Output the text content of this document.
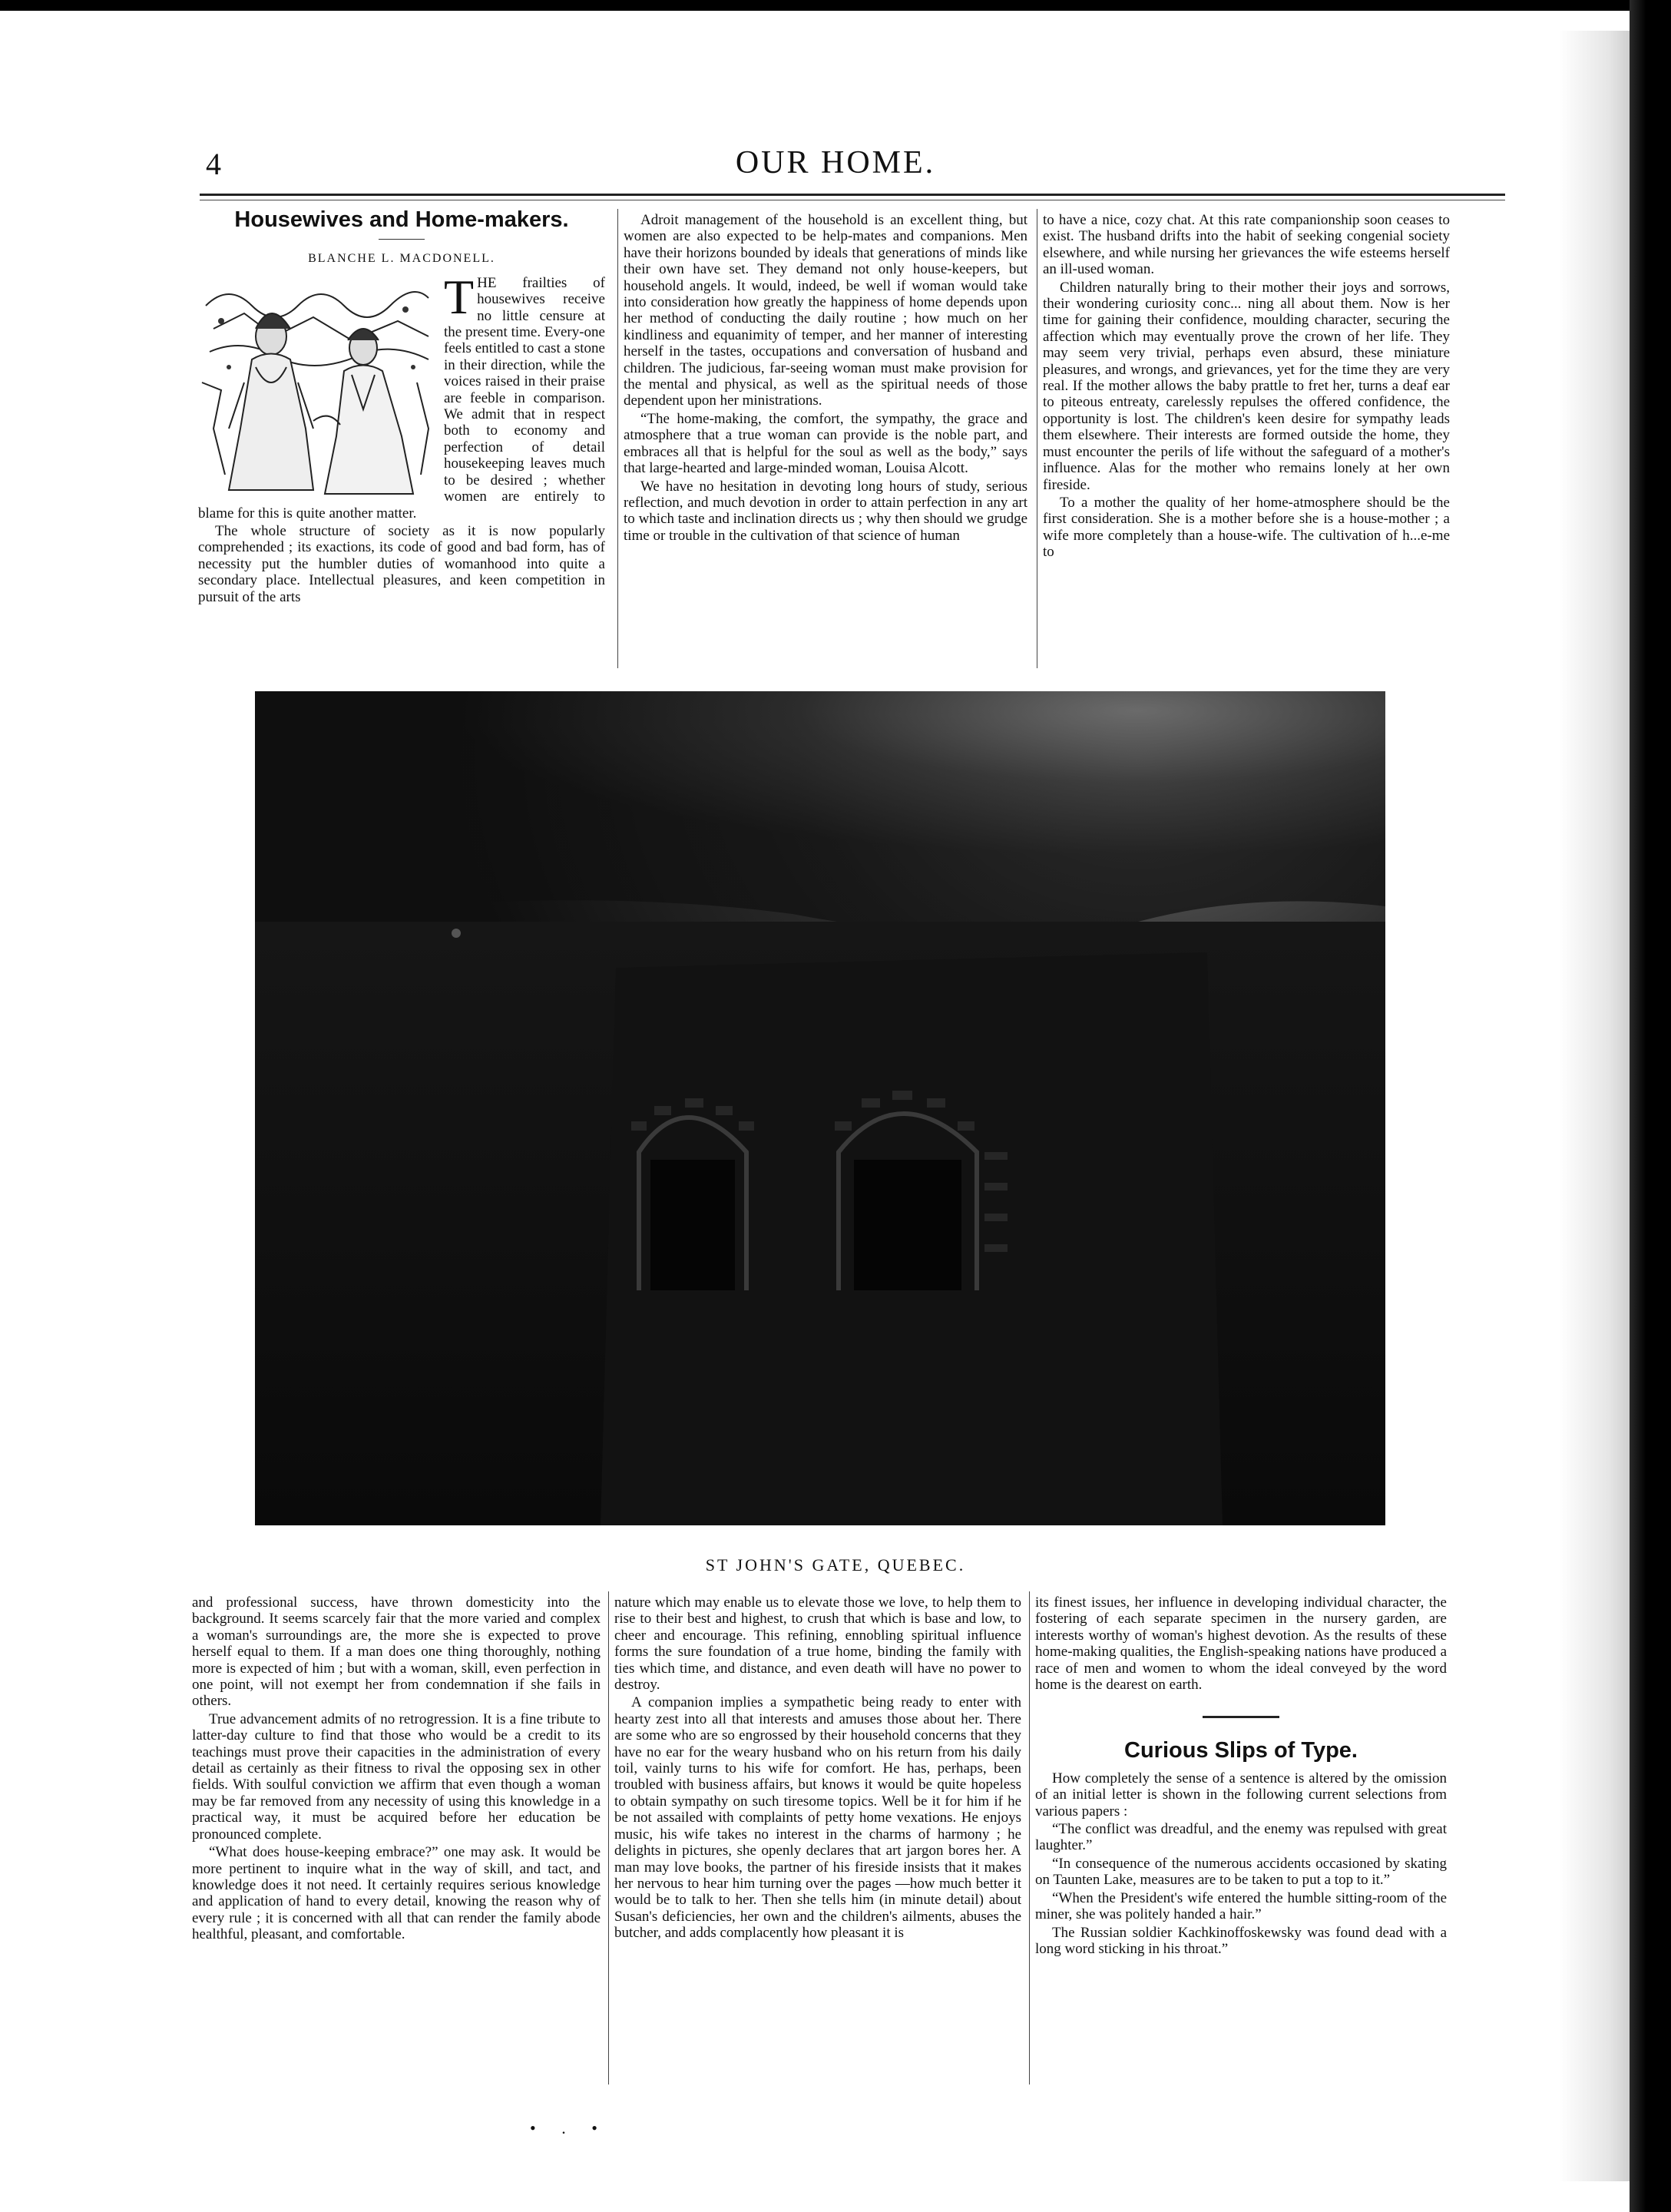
4	OUR HOME.
Housewives and Home-makers.
BLANCHE L. MACDONELL.
T HE frailties of housewives receive no little censure at the present time. Every-one feels entitled to cast a stone in their direction, while the voices raised in their praise are feeble in comparison. We admit that in respect both to economy and perfection of detail housekeeping leaves much to be desired ; whether women are entirely to blame for this is quite another matter.

The whole structure of society as it is now popularly comprehended ; its exactions, its code of good and bad form, has of necessity put the humbler duties of womanhood into quite a secondary place. Intellectual pleasures, and keen competition in pursuit of the arts

Adroit management of the household is an excellent thing, but women are also expected to be help-mates and companions. Men have their horizons bounded by ideals that generations of minds like their own have set. They demand not only house-keepers, but household angels. It would, indeed, be well if woman would take into consideration how greatly the happiness of home depends upon her method of conducting the daily routine ; how much on her kindliness and equanimity of temper, and her manner of interesting herself in the tastes, occupations and conversation of husband and children. The judicious, far-seeing woman must make provision for the mental and physical, as well as the spiritual needs of those dependent upon her ministrations.

“The home-making, the comfort, the sympathy, the grace and atmosphere that a true woman can provide is the noble part, and embraces all that is helpful for the soul as well as the body,” says that large-hearted and large-minded woman, Louisa Alcott.

We have no hesitation in devoting long hours of study, serious reflection, and much devotion in order to attain perfection in any art to which taste and inclination directs us ; why then should we grudge time or trouble in the cultivation of that science of human

to have a nice, cozy chat. At this rate companionship soon ceases to exist. The husband drifts into the habit of seeking congenial society elsewhere, and while nursing her grievances the wife esteems herself an ill-used woman.

Children naturally bring to their mother their joys and sorrows, their wondering curiosity conc... ning all about them. Now is her time for gaining their confidence, moulding character, securing the affection which may eventually prove the crown of her life. They may seem very trivial, perhaps even absurd, these miniature pleasures, and wrongs, and grievances, yet for the time they are very real. If the mother allows the baby prattle to fret her, turns a deaf ear to piteous entreaty, carelessly repulses the offered confidence, the opportunity is lost. The children's keen desire for sympathy leads them elsewhere. Their interests are formed outside the home, they must encounter the perils of life without the safeguard of a mother's influence. Alas for the mother who remains lonely at her own fireside.

To a mother the quality of her home-atmosphere should be the first consideration. She is a mother before she is a house-mother ; a wife more completely than a house-wife. The cultivation of h...e-me to

ST JOHN'S GATE, QUEBEC.

and professional success, have thrown domesticity into the background. It seems scarcely fair that the more varied and complex a woman's surroundings are, the more she is expected to prove herself equal to them. If a man does one thing thoroughly, nothing more is expected of him ; but with a woman, skill, even perfection in one point, will not exempt her from condemnation if she fails in others.

True advancement admits of no retrogression. It is a fine tribute to latter-day culture to find that those who would be a credit to its teachings must prove their capacities in the administration of every detail as certainly as their fitness to rival the opposing sex in other fields. With soulful conviction we affirm that even though a woman may be far removed from any necessity of using this knowledge in a practical way, it must be acquired before her education be pronounced complete.

“What does house-keeping embrace?” one may ask. It would be more pertinent to inquire what in the way of skill, and tact, and knowledge does it not need. It certainly requires serious knowledge and application of hand to every detail, knowing the reason why of every rule ; it is concerned with all that can render the family abode healthful, pleasant, and comfortable.

nature which may enable us to elevate those we love, to help them to rise to their best and highest, to crush that which is base and low, to cheer and encourage. This refining, ennobling spiritual influence forms the sure foundation of a true home, binding the family with ties which time, and distance, and even death will have no power to destroy.

A companion implies a sympathetic being ready to enter with hearty zest into all that interests and amuses those about her. There are some who are so engrossed by their household concerns that they have no ear for the weary husband who on his return from his daily toil, vainly turns to his wife for comfort. He has, perhaps, been troubled with business affairs, but knows it would be quite hopeless to obtain sympathy on such tiresome topics. Well be it for him if he be not assailed with complaints of petty home vexations. He enjoys music, his wife takes no interest in the charms of harmony ; he delights in pictures, she openly declares that art jargon bores her. A man may love books, the partner of his fireside insists that it makes her nervous to hear him turning over the pages —how much better it would be to talk to her. Then she tells him (in minute detail) about Susan's deficiencies, her own and the children's ailments, abuses the butcher, and adds complacently how pleasant it is

its finest issues, her influence in developing individual character, the fostering of each separate specimen in the nursery garden, are interests worthy of woman's highest devotion. As the results of these home-making qualities, the English-speaking nations have produced a race of men and women to whom the ideal conveyed by the word home is the dearest on earth.

Curious Slips of Type.

How completely the sense of a sentence is altered by the omission of an initial letter is shown in the following current selections from various papers :

“The conflict was dreadful, and the enemy was repulsed with great laughter.”

“In consequence of the numerous accidents occasioned by skating on Taunten Lake, measures are to be taken to put a top to it.”

“When the President's wife entered the humble sitting-room of the miner, she was politely handed a hair.”

The Russian soldier Kachkinoffoskewsky was found dead with a long word sticking in his throat.”

• . •
